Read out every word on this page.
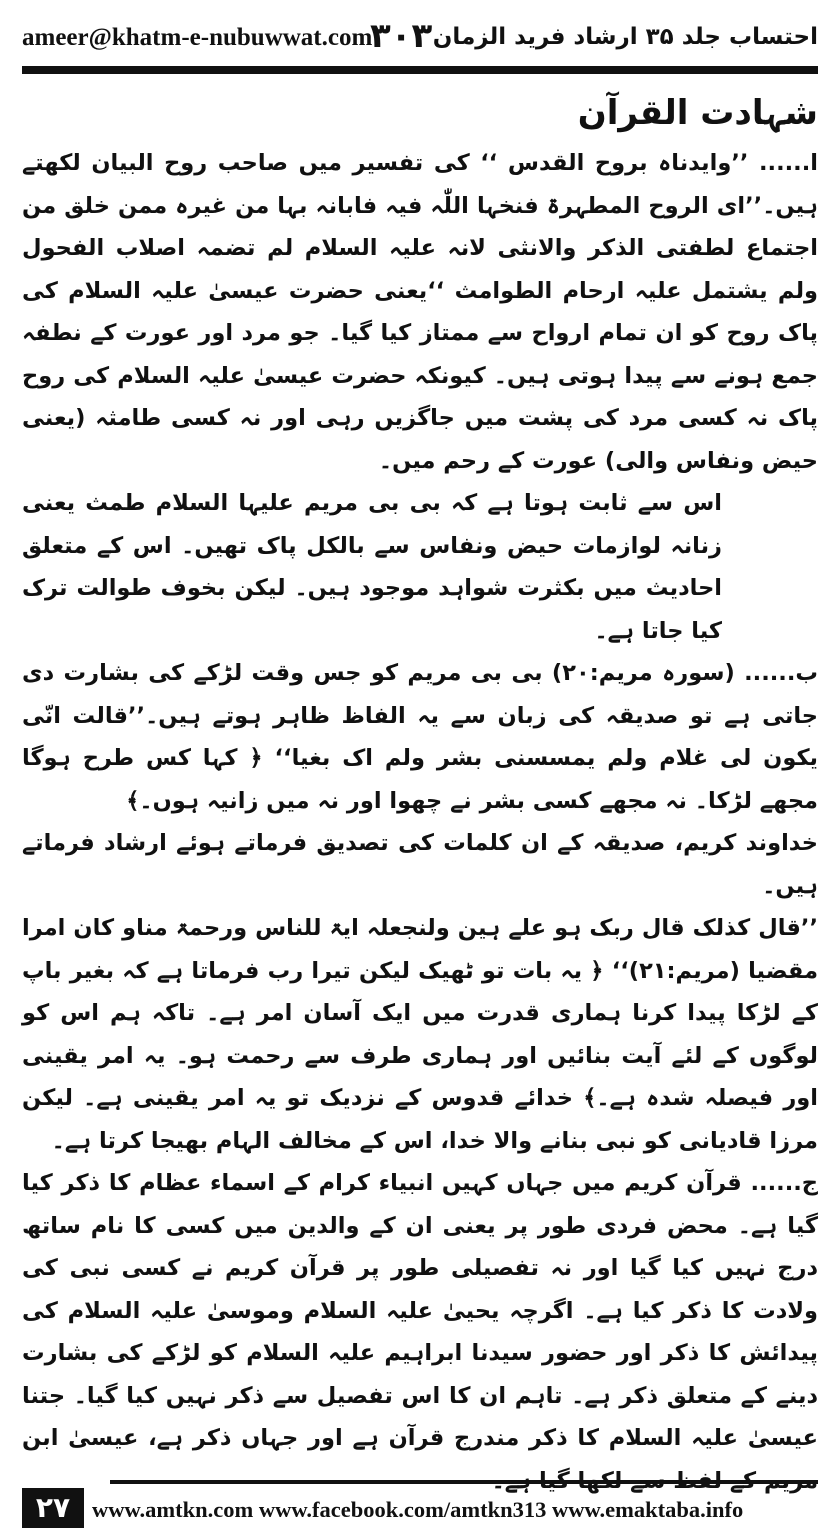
ameer@khatm-e-nubuwwat.com
۳۰۳ احتساب جلد ۳۵ ارشاد فرید الزمان
شہادت القرآن

ا...... ’’وایدناہ بروح القدس ‘‘ کی تفسیر میں صاحب روح البیان لکھتے ہیں۔’’ای الروح المطہرۃ فنخہا اللّٰہ فیہ فابانہ بہا من غیرہ ممن خلق من اجتماع لطفتی الذکر والانثی لانہ علیہ السلام لم تضمہ اصلاب الفحول ولم یشتمل علیہ ارحام الطوامث ‘‘یعنی حضرت عیسیٰ علیہ السلام کی پاک روح کو ان تمام ارواح سے ممتاز کیا گیا۔ جو مرد اور عورت کے نطفہ جمع ہونے سے پیدا ہوتی ہیں۔ کیونکہ حضرت عیسیٰ علیہ السلام کی روح پاک نہ کسی مرد کی پشت میں جاگزیں رہی اور نہ کسی طامثہ (یعنی حیض ونفاس والی) عورت کے رحم میں۔

اس سے ثابت ہوتا ہے کہ بی بی مریم علیہا السلام طمث یعنی زنانہ لوازمات حیض ونفاس سے بالکل پاک تھیں۔ اس کے متعلق احادیث میں بکثرت شواہد موجود ہیں۔ لیکن بخوف طوالت ترک کیا جاتا ہے۔

ب...... (سورہ مریم:۲۰) بی بی مریم کو جس وقت لڑکے کی بشارت دی جاتی ہے تو صدیقہ کی زبان سے یہ الفاظ ظاہر ہوتے ہیں۔’’قالت انّی یکون لی غلام ولم یمسسنی بشر ولم اک بغیا‘‘ ﴿ کہا کس طرح ہوگا مجھے لڑکا۔ نہ مجھے کسی بشر نے چھوا اور نہ میں زانیہ ہوں۔﴾

خداوند کریم، صدیقہ کے ان کلمات کی تصدیق فرماتے ہوئے ارشاد فرماتے ہیں۔

’’قال کذلک قال ربک ہو علے ہین ولنجعلہ ایۃ للناس ورحمۃ مناو کان امرا مقضیا (مریم:۲۱)‘‘ ﴿ یہ بات تو ٹھیک لیکن تیرا رب فرماتا ہے کہ بغیر باپ کے لڑکا پیدا کرنا ہماری قدرت میں ایک آسان امر ہے۔ تاکہ ہم اس کو لوگوں کے لئے آیت بنائیں اور ہماری طرف سے رحمت ہو۔ یہ امر یقینی اور فیصلہ شدہ ہے۔﴾ خدائے قدوس کے نزدیک تو یہ امر یقینی ہے۔ لیکن مرزا قادیانی کو نبی بنانے والا خدا، اس کے مخالف الہام بھیجا کرتا ہے۔

ج...... قرآن کریم میں جہاں کہیں انبیاء کرام کے اسماء عظام کا ذکر کیا گیا ہے۔ محض فردی طور پر یعنی ان کے والدین میں کسی کا نام ساتھ درج نہیں کیا گیا اور نہ تفصیلی طور پر قرآن کریم نے کسی نبی کی ولادت کا ذکر کیا ہے۔ اگرچہ یحییٰ علیہ السلام وموسیٰ علیہ السلام کی پیدائش کا ذکر اور حضور سیدنا ابراہیم علیہ السلام کو لڑکے کی بشارت دینے کے متعلق ذکر ہے۔ تاہم ان کا اس تفصیل سے ذکر نہیں کیا گیا۔ جتنا عیسیٰ علیہ السلام کا ذکر مندرج قرآن ہے اور جہاں ذکر ہے، عیسیٰ ابن

۲۷ www.amtkn.com www.facebook.com/amtkn313 www.emaktaba.info
